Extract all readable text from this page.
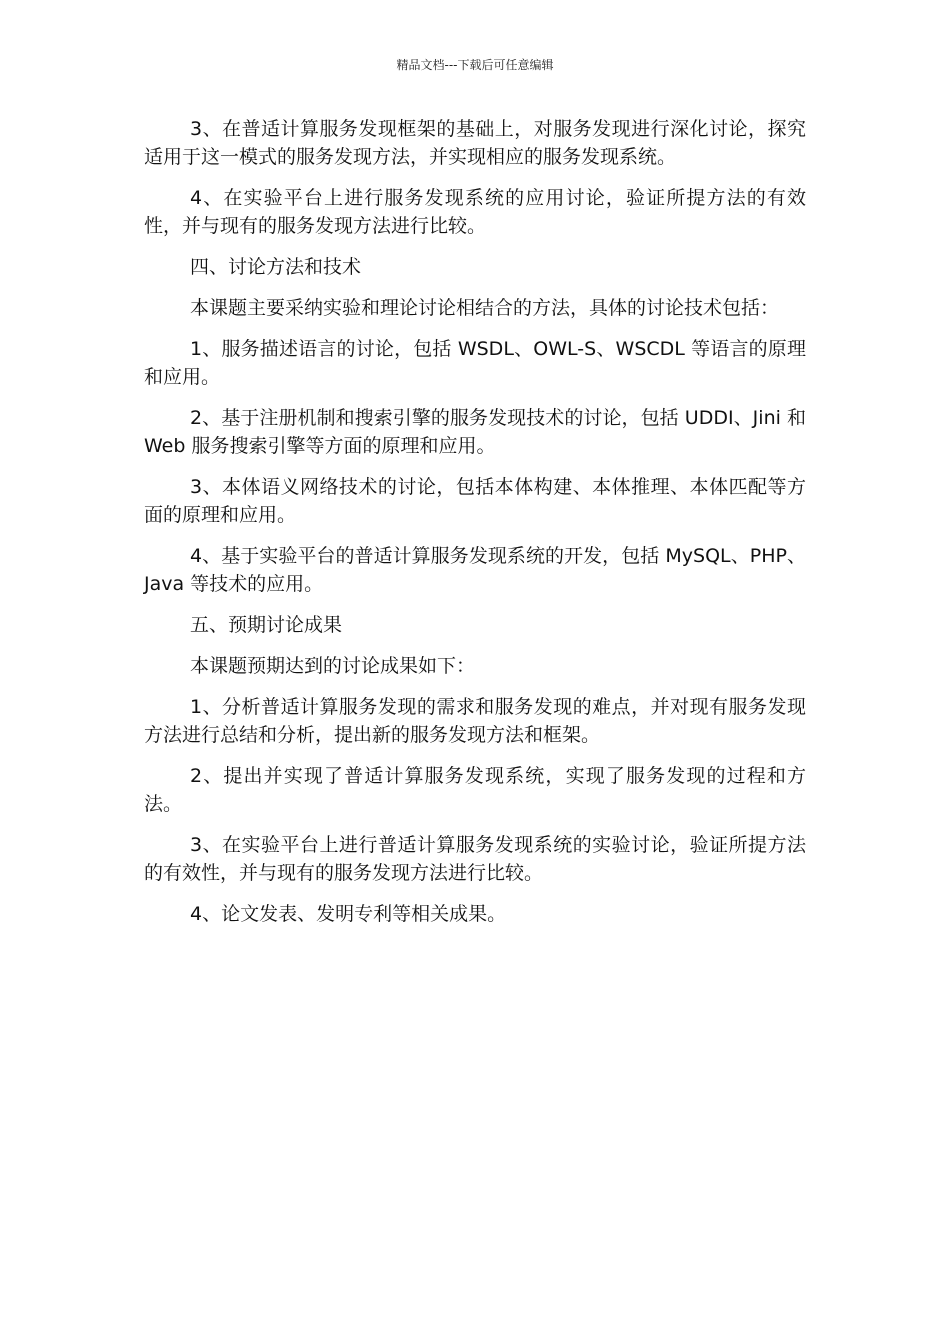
精品文档---下载后可任意编辑

3、在普适计算服务发现框架的基础上，对服务发现进行深化讨论，探究适用于这一模式的服务发现方法，并实现相应的服务发现系统。

4、在实验平台上进行服务发现系统的应用讨论，验证所提方法的有效性，并与现有的服务发现方法进行比较。

四、讨论方法和技术

本课题主要采纳实验和理论讨论相结合的方法，具体的讨论技术包括：

1、服务描述语言的讨论，包括 WSDL、OWL-S、WSCDL 等语言的原理和应用。

2、基于注册机制和搜索引擎的服务发现技术的讨论，包括 UDDI、Jini 和 Web 服务搜索引擎等方面的原理和应用。

3、本体语义网络技术的讨论，包括本体构建、本体推理、本体匹配等方面的原理和应用。

4、基于实验平台的普适计算服务发现系统的开发，包括 MySQL、PHP、Java 等技术的应用。

五、预期讨论成果

本课题预期达到的讨论成果如下：

1、分析普适计算服务发现的需求和服务发现的难点，并对现有服务发现方法进行总结和分析，提出新的服务发现方法和框架。

2、提出并实现了普适计算服务发现系统，实现了服务发现的过程和方法。

3、在实验平台上进行普适计算服务发现系统的实验讨论，验证所提方法的有效性，并与现有的服务发现方法进行比较。

4、论文发表、发明专利等相关成果。
